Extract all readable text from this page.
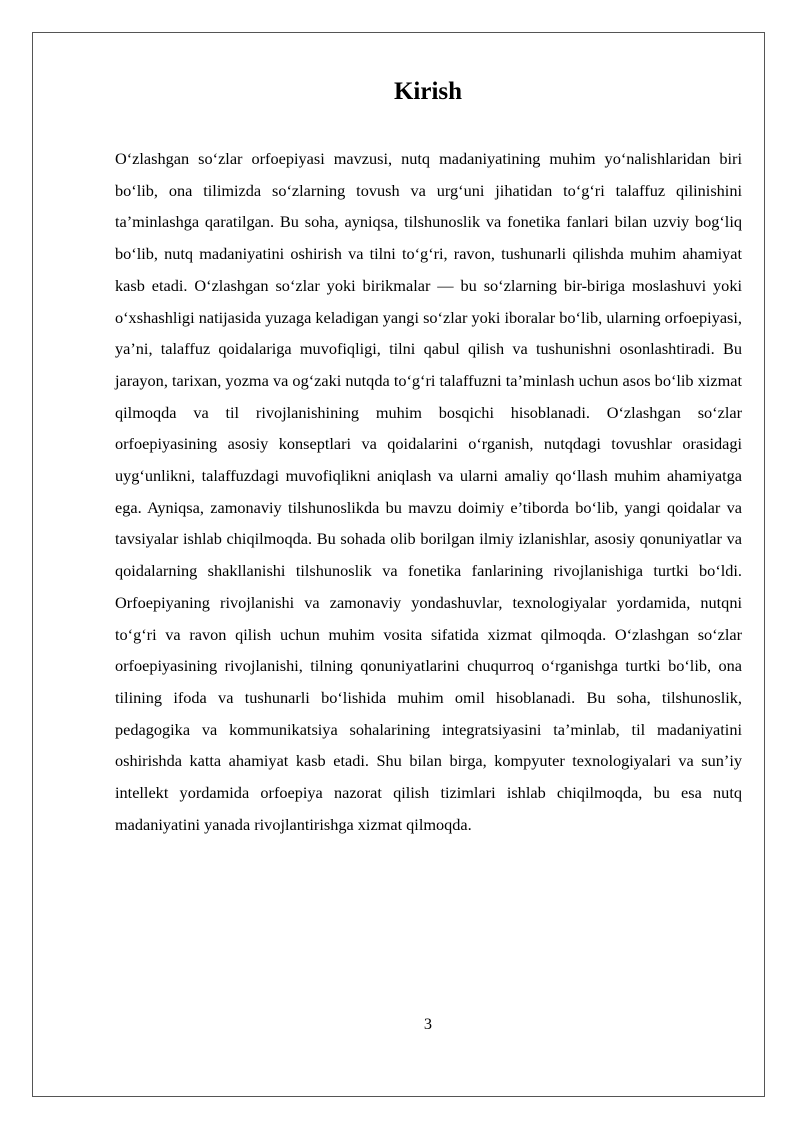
Kirish

O‘zlashgan so‘zlar orfoepiyasi mavzusi, nutq madaniyatining muhim yo‘nalishlaridan biri bo‘lib, ona tilimizda so‘zlarning tovush va urg‘uni jihatidan to‘g‘ri talaffuz qilinishini ta’minlashga qaratilgan. Bu soha, ayniqsa, tilshunoslik va fonetika fanlari bilan uzviy bog‘liq bo‘lib, nutq madaniyatini oshirish va tilni to‘g‘ri, ravon, tushunarli qilishda muhim ahamiyat kasb etadi. O‘zlashgan so‘zlar yoki birikmalar — bu so‘zlarning bir-biriga moslashuvi yoki o‘xshashligi natijasida yuzaga keladigan yangi so‘zlar yoki iboralar bo‘lib, ularning orfoepiyasi, ya’ni, talaffuz qoidalariga muvofiqligi, tilni qabul qilish va tushunishni osonlashtiradi. Bu jarayon, tarixan, yozma va og‘zaki nutqda to‘g‘ri talaffuzni ta’minlash uchun asos bo‘lib xizmat qilmoqda va til rivojlanishining muhim bosqichi hisoblanadi. O‘zlashgan so‘zlar orfoepiyasining asosiy konseptlari va qoidalarini o‘rganish, nutqdagi tovushlar orasidagi uyg‘unlikni, talaffuzdagi muvofiqlikni aniqlash va ularni amaliy qo‘llash muhim ahamiyatga ega. Ayniqsa, zamonaviy tilshunoslikda bu mavzu doimiy e’tiborda bo‘lib, yangi qoidalar va tavsiyalar ishlab chiqilmoqda. Bu sohada olib borilgan ilmiy izlanishlar, asosiy qonuniyatlar va qoidalarning shakllanishi tilshunoslik va fonetika fanlarining rivojlanishiga turtki bo‘ldi. Orfoepiyaning rivojlanishi va zamonaviy yondashuvlar, texnologiyalar yordamida, nutqni to‘g‘ri va ravon qilish uchun muhim vosita sifatida xizmat qilmoqda. O‘zlashgan so‘zlar orfoepiyasining rivojlanishi, tilning qonuniyatlarini chuqurroq o‘rganishga turtki bo‘lib, ona tilining ifoda va tushunarli bo‘lishida muhim omil hisoblanadi. Bu soha, tilshunoslik, pedagogika va kommunikatsiya sohalarining integratsiyasini ta’minlab, til madaniyatini oshirishda katta ahamiyat kasb etadi. Shu bilan birga, kompyuter texnologiyalari va sun’iy intellekt yordamida orfoepiya nazorat qilish tizimlari ishlab chiqilmoqda, bu esa nutq madaniyatini yanada rivojlantirishga xizmat qilmoqda.

3
